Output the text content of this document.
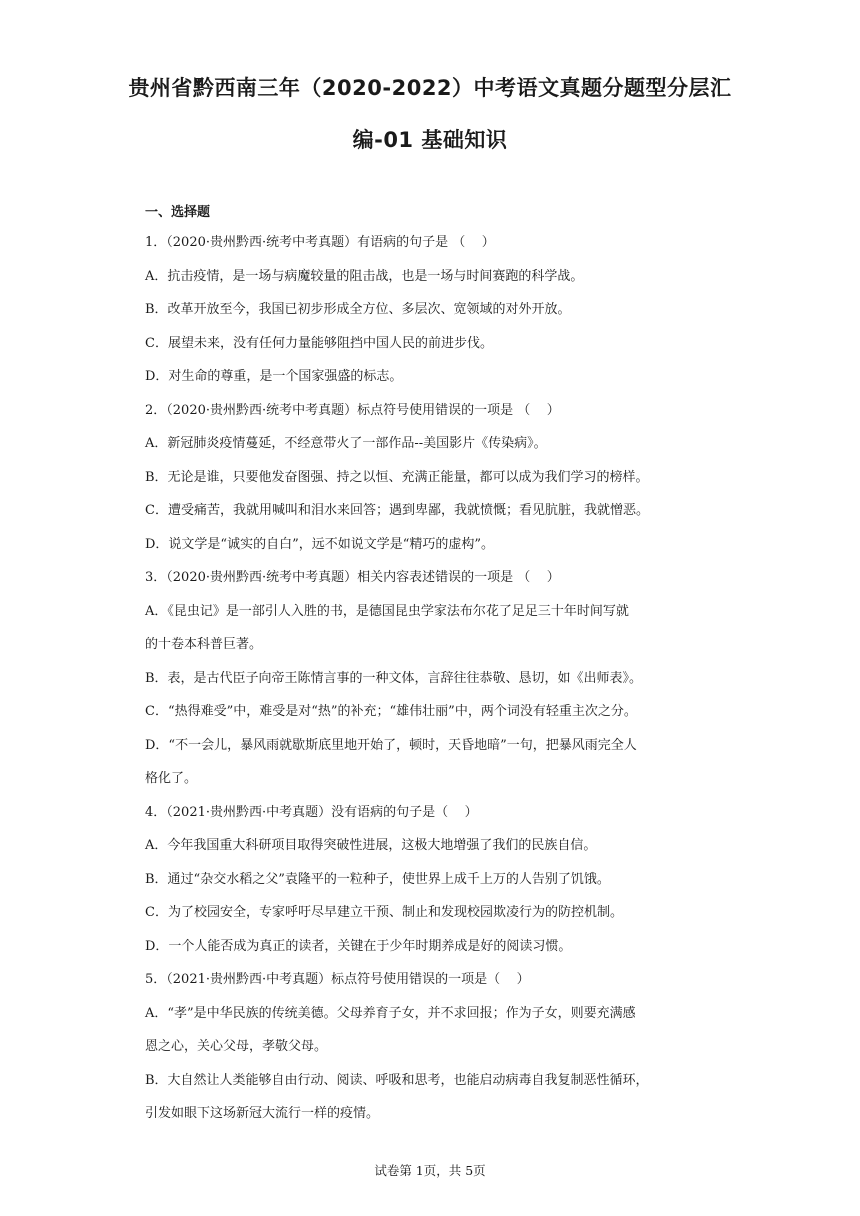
贵州省黔西南三年（2020-2022）中考语文真题分题型分层汇
编-01 基础知识

一、选择题

1．（2020·贵州黔西·统考中考真题）有语病的句子是 （    ）

A．抗击疫情，是一场与病魔较量的阻击战，也是一场与时间赛跑的科学战。

B．改革开放至今，我国已初步形成全方位、多层次、宽领域的对外开放。

C．展望未来，没有任何力量能够阻挡中国人民的前进步伐。

D．对生命的尊重，是一个国家强盛的标志。

2．（2020·贵州黔西·统考中考真题）标点符号使用错误的一项是 （    ）

A．新冠肺炎疫情蔓延，不经意带火了一部作品--美国影片《传染病》。

B．无论是谁，只要他发奋图强、持之以恒、充满正能量，都可以成为我们学习的榜样。

C．遭受痛苦，我就用喊叫和泪水来回答；遇到卑鄙，我就愤慨；看见肮脏，我就憎恶。

D．说文学是“诚实的自白”，远不如说文学是“精巧的虚构”。

3．（2020·贵州黔西·统考中考真题）相关内容表述错误的一项是 （    ）

A．《昆虫记》是一部引人入胜的书，是德国昆虫学家法布尔花了足足三十年时间写就

的十卷本科普巨著。

B．表，是古代臣子向帝王陈情言事的一种文体，言辞往往恭敬、恳切，如《出师表》。

C．“热得难受”中，难受是对“热”的补充；“雄伟壮丽”中，两个词没有轻重主次之分。

D．“不一会儿，暴风雨就歇斯底里地开始了，顿时，天昏地暗”一句，把暴风雨完全人

格化了。

4．（2021·贵州黔西·中考真题）没有语病的句子是（    ）

A．今年我国重大科研项目取得突破性进展，这极大地增强了我们的民族自信。

B．通过“杂交水稻之父”袁隆平的一粒种子，使世界上成千上万的人告别了饥饿。

C．为了校园安全，专家呼吁尽早建立干预、制止和发现校园欺凌行为的防控机制。

D．一个人能否成为真正的读者，关键在于少年时期养成是好的阅读习惯。

5．（2021·贵州黔西·中考真题）标点符号使用错误的一项是（    ）

A．“孝”是中华民族的传统美德。父母养育子女，并不求回报；作为子女，则要充满感

恩之心，关心父母，孝敬父母。

B．大自然让人类能够自由行动、阅读、呼吸和思考，也能启动病毒自我复制恶性循环，

引发如眼下这场新冠大流行一样的疫情。

试卷第 1页，共 5页
